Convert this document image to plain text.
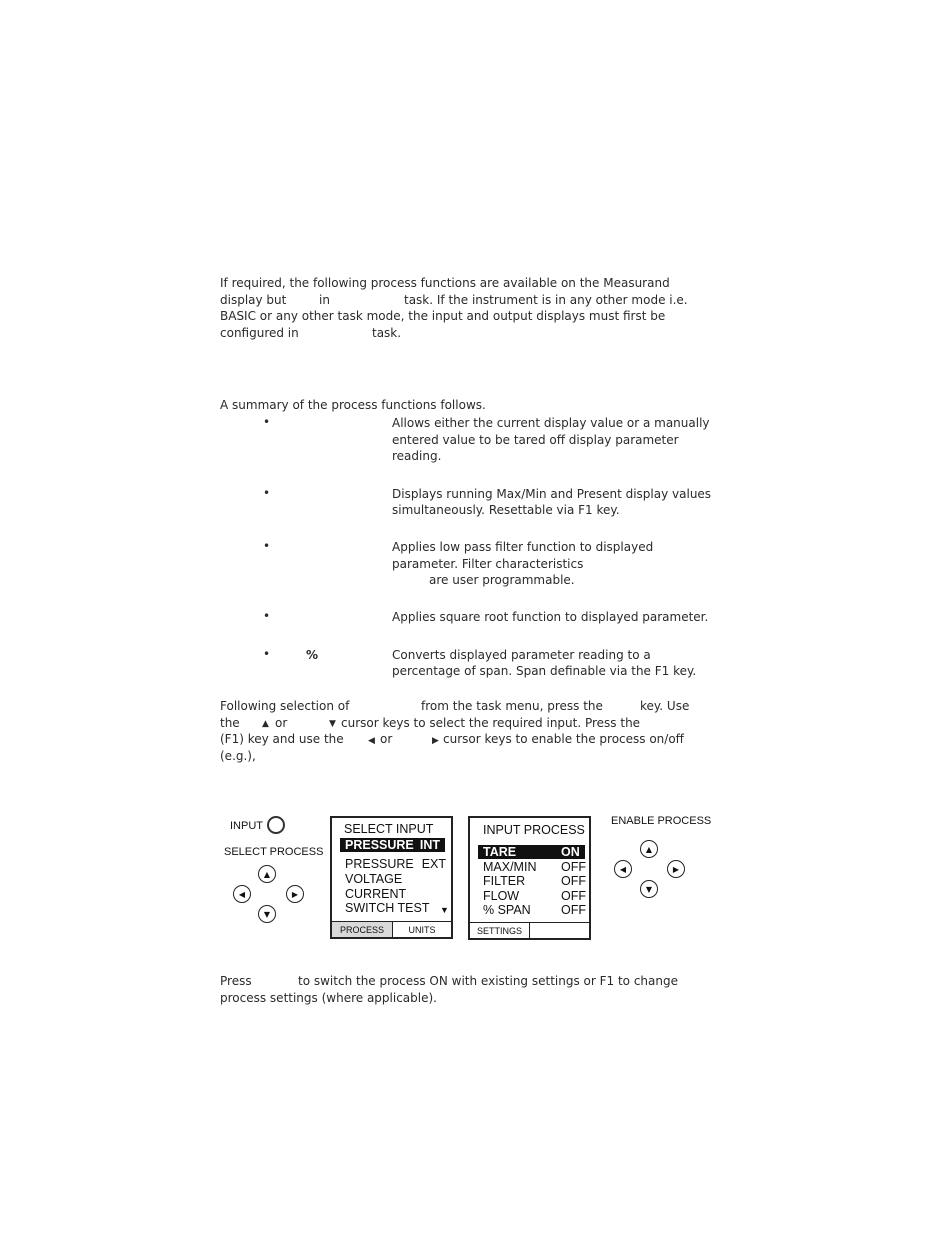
If required, the following process functions are available on the Measurand
display but	in	task. If the instrument is in any other mode i.e.
BASIC or any other task mode, the input and output displays must first be
configured in	task.
A summary of the process functions follows.
•	Allows either the current display value or a manually
entered value to be tared off display parameter
reading.
•	Displays running Max/Min and Present display values
simultaneously. Resettable via F1 key.
•	Applies low pass filter function to displayed
parameter. Filter characteristics
are user programmable.
•	Applies square root function to displayed parameter.
•	%	Converts displayed parameter reading to a
percentage of span. Span definable via the F1 key.
Following selection of	from the task menu, press the	key. Use
the ▲ or	▼ cursor keys to select the required input. Press the
(F1) key and use the	◀ or	▶ cursor keys to enable the process on/off
(e.g.),
INPUT
SELECT PROCESS
▲
◀	▶
▼
SELECT INPUT
PRESSURE INT
PRESSURE EXT
VOLTAGE
CURRENT
SWITCH TEST ▼
PROCESS	UNITS
INPUT PROCESS
TARE	ON
MAX/MIN OFF
FILTER	OFF
FLOW	OFF
% SPAN OFF
SETTINGS
ENABLE PROCESS
▲
◀	▶
▼
Press	to switch the process ON with existing settings or F1 to change
process settings (where applicable).
